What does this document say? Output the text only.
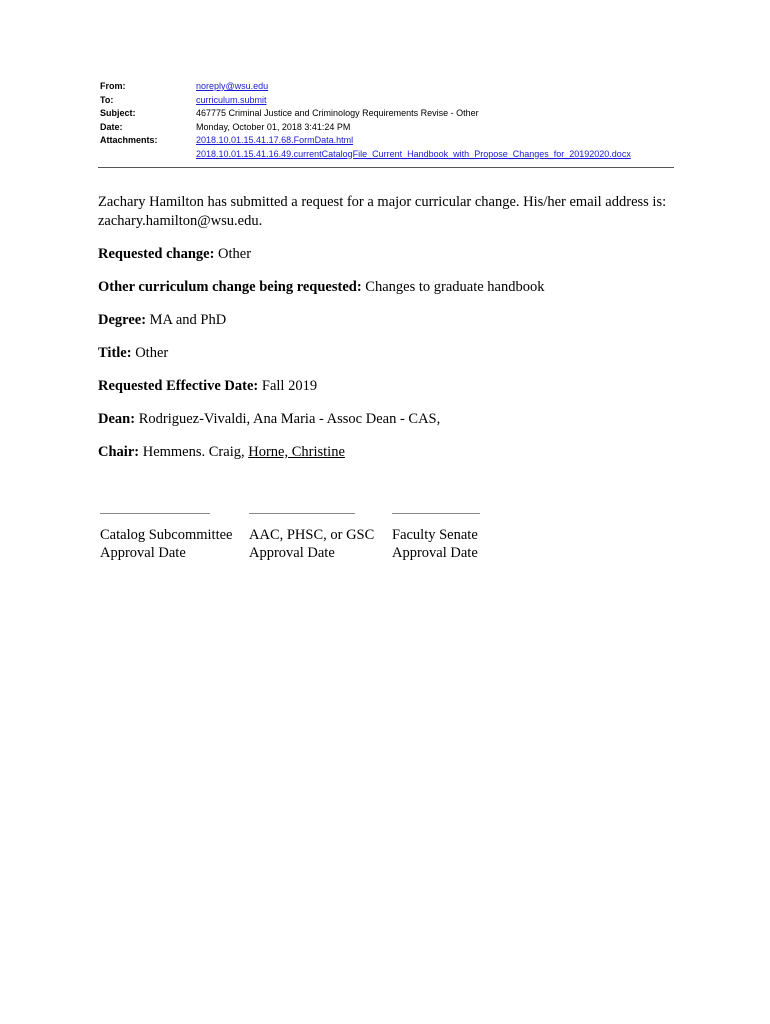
From:	noreply@wsu.edu
To:	curriculum.submit
Subject:	467775 Criminal Justice and Criminology Requirements Revise - Other
Date:	Monday, October 01, 2018 3:41:24 PM
Attachments:	2018.10.01.15.41.17.68.FormData.html
2018.10.01.15.41.16.49.currentCatalogFile_Current_Handbook_with_Propose_Changes_for_20192020.docx

Zachary Hamilton has submitted a request for a major curricular change. His/her email address is: zachary.hamilton@wsu.edu.

Requested change: Other

Other curriculum change being requested: Changes to graduate handbook

Degree: MA and PhD

Title: Other

Requested Effective Date: Fall 2019

Dean: Rodriguez-Vivaldi, Ana Maria - Assoc Dean - CAS,

Chair: Hemmens. Craig, Horne, Christine

Catalog Subcommittee
Approval Date
AAC, PHSC, or GSC
Approval Date
Faculty Senate
Approval Date
